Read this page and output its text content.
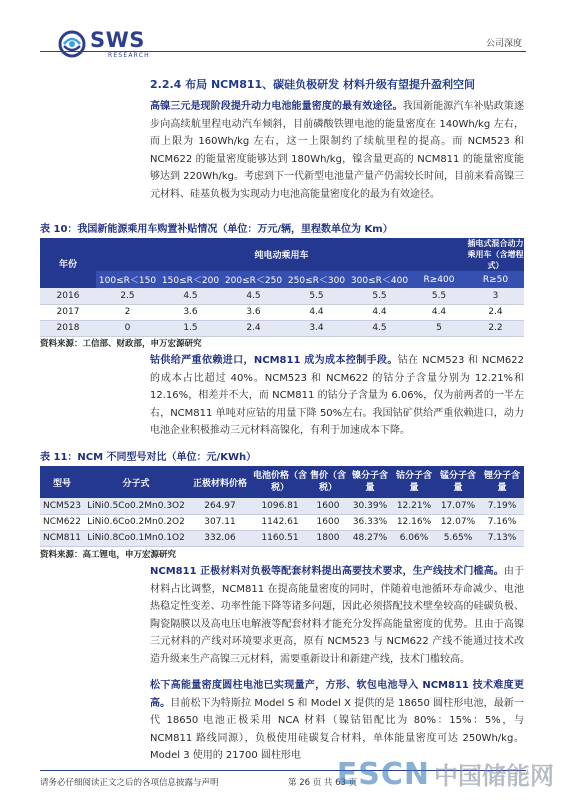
SWS
RESEARCH
公司深度
2.2.4 布局 NCM811、碳硅负极研发 材料升级有望提升盈利空间
高镍三元是现阶段提升动力电池能量密度的最有效途径。我国新能源汽车补贴政策逐步向高续航里程电动汽车倾斜，目前磷酸铁锂电池的能量密度在 140Wh/kg 左右，而上限为 160Wh/kg 左右，这一上限制约了续航里程的提高。而 NCM523 和 NCM622 的能量密度能够达到 180Wh/kg，镍含量更高的 NCM811 的能量密度能够达到 220Wh/kg。考虑到下一代新型电池量产量产仍需较长时间，目前来看高镍三元材料、硅基负极为实现动力电池高能量密度化的最为有效途径。
表 10：我国新能源乘用车购置补贴情况（单位：万元/辆，里程数单位为 Km）
年份	纯电动乘用车						插电式混合动力乘用车（含增程式）
	100≤R＜150	150≤R＜200	200≤R＜250	250≤R＜300	300≤R＜400	R≥400	R≥50
2016	2.5	4.5	4.5	5.5	5.5	5.5	3
2017	2	3.6	3.6	4.4	4.4	4.4	2.4
2018	0	1.5	2.4	3.4	4.5	5	2.2
资料来源：工信部、财政部，申万宏源研究
钴供给严重依赖进口，NCM811 成为成本控制手段。钴在 NCM523 和 NCM622 的成本占比超过 40%。NCM523 和 NCM622 的钴分子含量分别为 12.21%和 12.16%，相差并不大，而 NCM811 的钴分子含量为 6.06%，仅为前两者的一半左右，NCM811 单吨对应钴的用量下降 50%左右。我国钴矿供给严重依赖进口，动力电池企业积极推动三元材料高镍化，有利于加速成本下降。
表 11：NCM 不同型号对比（单位：元/KWh）
型号	分子式	正极材料价格	电池价格（含税）	售价（含税）	镍分子含量	钴分子含量	锰分子含量	锂分子含量
NCM523	LiNi0.5Co0.2Mn0.3O2	264.97	1096.81	1600	30.39%	12.21%	17.07%	7.19%
NCM622	LiNi0.6Co0.2Mn0.2O2	307.11	1142.61	1600	36.33%	12.16%	12.07%	7.16%
NCM811	LiNi0.8Co0.1Mn0.1O2	332.06	1160.51	1800	48.27%	6.06%	5.65%	7.13%
资料来源：高工锂电，申万宏源研究
NCM811 正极材料对负极等配套材料提出高要技术要求，生产线技术门槛高。由于材料占比调整，NCM811 在提高能量密度的同时，伴随着电池循环寿命减少、电池热稳定性变差、功率性能下降等诸多问题，因此必须搭配技术壁垒较高的硅碳负极、陶瓷隔膜以及高电压电解液等配套材料才能充分发挥高能量密度的优势。且由于高镍三元材料的产线对环境要求更高，原有 NCM523 与 NCM622 产线不能通过技术改造升级来生产高镍三元材料，需要重新设计和新建产线，技术门槛较高。
松下高能量密度圆柱电池已实现量产，方形、软包电池导入 NCM811 技术难度更高。目前松下为特斯拉 Model S 和 Model X 提供的是 18650 圆柱形电池，最新一代 18650 电池正极采用 NCA 材料（镍钴铝配比为 80%：15%：5%，与 NCM811 路线同源），负极使用硅碳复合材料，单体能量密度可达 250Wh/kg。Model 3 使用的 21700 圆柱形电
请务必仔细阅读正文之后的各项信息披露与声明	第 26 页 共 63 页
ESCN 中国储能网
